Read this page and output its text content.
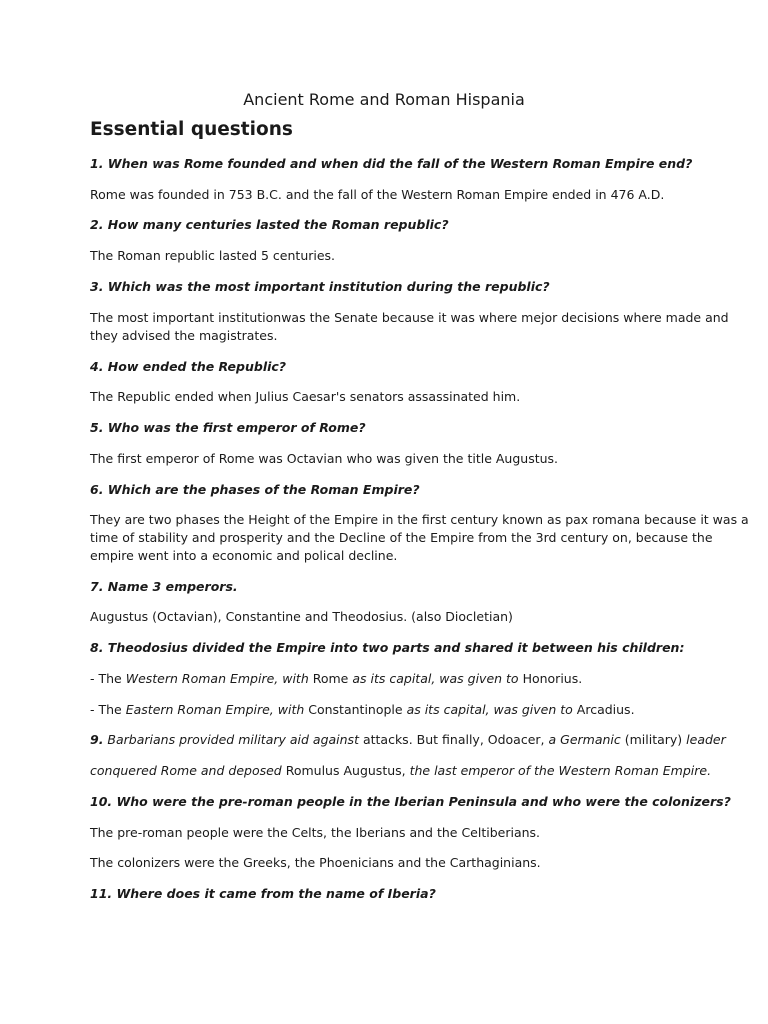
Ancient Rome and Roman Hispania

Essential questions

1. When was Rome founded and when did the fall of the Western Roman Empire end?

Rome was founded in 753 B.C. and the fall of the Western Roman Empire ended in 476 A.D.

2. How many centuries lasted the Roman republic?

The Roman republic lasted 5 centuries.

3. Which was the most important institution during the republic?

The most important institutionwas the Senate because it was where mejor decisions where made and

they advised the magistrates.

4. How ended the Republic?

The Republic ended when Julius Caesar's senators assassinated him.

5. Who was the first emperor of Rome?

The first emperor of Rome was Octavian who was given the title Augustus.

6. Which are the phases of the Roman Empire?

They are two phases the Height of the Empire in the first century known as pax romana because it was a

time of stability and prosperity and the Decline of the Empire from the 3rd century on, because the

empire went into a economic and polical decline.

7. Name 3 emperors.

Augustus (Octavian), Constantine and Theodosius. (also Diocletian)

8. Theodosius divided the Empire into two parts and shared it between his children:

- The Western Roman Empire, with Rome as its capital, was given to Honorius.

- The Eastern Roman Empire, with Constantinople as its capital, was given to Arcadius.

9. Barbarians provided military aid against attacks. But finally, Odoacer, a Germanic (military) leader

conquered Rome and deposed Romulus Augustus, the last emperor of the Western Roman Empire.

10. Who were the pre-roman people in the Iberian Peninsula and who were the colonizers?

The pre-roman people were the Celts, the Iberians and the Celtiberians.

The colonizers were the Greeks, the Phoenicians and the Carthaginians.

11. Where does it came from the name of Iberia?
